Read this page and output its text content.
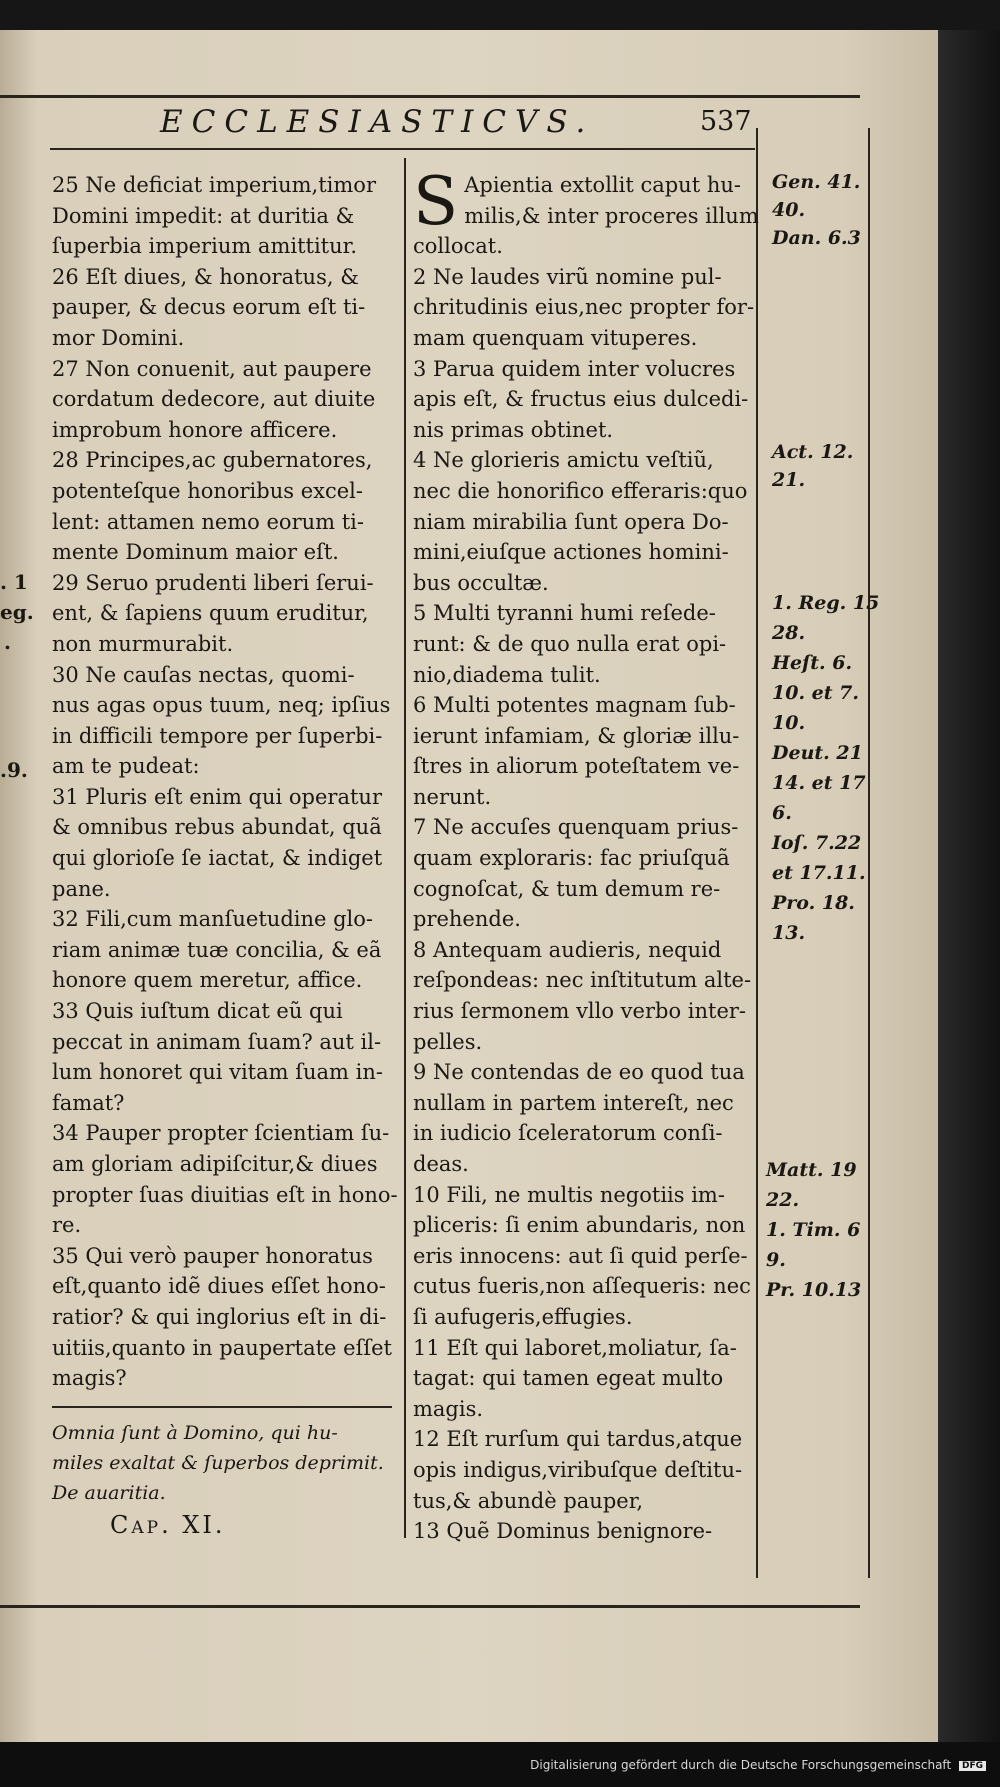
ECCLESIASTICVS.	537
25 Ne deficiat imperium,timor
Domini impedit: at duritia &
ſuperbia imperium amittitur.
26 Eſt diues, & honoratus, &
pauper, & decus eorum eſt ti-
mor Domini.
27 Non conuenit, aut paupere
cordatum dedecore, aut diuite
improbum honore afficere.
28 Principes,ac gubernatores,
potenteſque honoribus excel-
lent: attamen nemo eorum ti-
mente Dominum maior eſt.
29 Seruo prudenti liberi ſerui-
ent, & ſapiens quum eruditur,
non murmurabit.
30 Ne cauſas nectas, quomi-
nus agas opus tuum, neq; ipſius
in difficili tempore per ſuperbi-
am te pudeat:
31 Pluris eſt enim qui operatur
& omnibus rebus abundat, quã
qui glorioſe ſe iactat, & indiget
pane.
32 Fili,cum manſuetudine glo-
riam animæ tuæ concilia, & eã
honore quem meretur, affice.
33 Quis iuſtum dicat eũ qui
peccat in animam ſuam? aut il-
lum honoret qui vitam ſuam in-
famat?
34 Pauper propter ſcientiam ſu-
am gloriam adipiſcitur,& diues
propter ſuas diuitias eſt in hono-
re.
35 Qui verò pauper honoratus
eſt,quanto idẽ diues eſſet hono-
ratior? & qui inglorius eſt in di-
uitiis,quanto in paupertate eſſet
magis?
Omnia ſunt à Domino, qui hu-
miles exaltat & ſuperbos deprimit.
De auaritia.
Cap. XI.
S Apientia extollit caput hu-
milis,& inter proceres illum
collocat.
2 Ne laudes virũ nomine pul-
chritudinis eius,nec propter for-
mam quenquam vituperes.
3 Parua quidem inter volucres
apis eſt, & fructus eius dulcedi-
nis primas obtinet.
4 Ne glorieris amictu veſtiũ,
nec die honorifico efferaris:quo
niam mirabilia ſunt opera Do-
mini,eiuſque actiones homini-
bus occultæ.
5 Multi tyranni humi reſede-
runt: & de quo nulla erat opi-
nio,diadema tulit.
6 Multi potentes magnam ſub-
ierunt infamiam, & gloriæ illu-
ſtres in aliorum poteſtatem ve-
nerunt.
7 Ne accuſes quenquam prius-
quam exploraris: fac priuſquã
cognoſcat, & tum demum re-
prehende.
8 Antequam audieris, nequid
reſpondeas: nec inſtitutum alte-
rius ſermonem vllo verbo inter-
pelles.
9 Ne contendas de eo quod tua
nullam in partem intereſt, nec
in iudicio ſceleratorum conſi-
deas.
10 Fili, ne multis negotiis im-
pliceris: ſi enim abundaris, non
eris innocens: aut ſi quid perſe-
cutus fueris,non aſſequeris: nec
ſi aufugeris,effugies.
11 Eſt qui laboret,moliatur, ſa-
tagat: qui tamen egeat multo
magis.
12 Eſt rurſum qui tardus,atque
opis indigus,viribuſque deſtitu-
tus,& abundè pauper,
13 Quẽ Dominus benignore-
Gen. 41.
40.
Dan. 6.3
Act. 12.
21.
1. Reg. 15
28.
Heſt. 6.
10. et 7.
10.
Deut. 21
14. et 17
6.
Ioſ. 7.22
et 17.11.
Pro. 18.
13.
Matt. 19
22.
1. Tim. 6
9.
Pr. 10.13
. 1
eg.
.
.9.
Digitalisierung gefördert durch die Deutsche Forschungsgemeinschaft DFG
